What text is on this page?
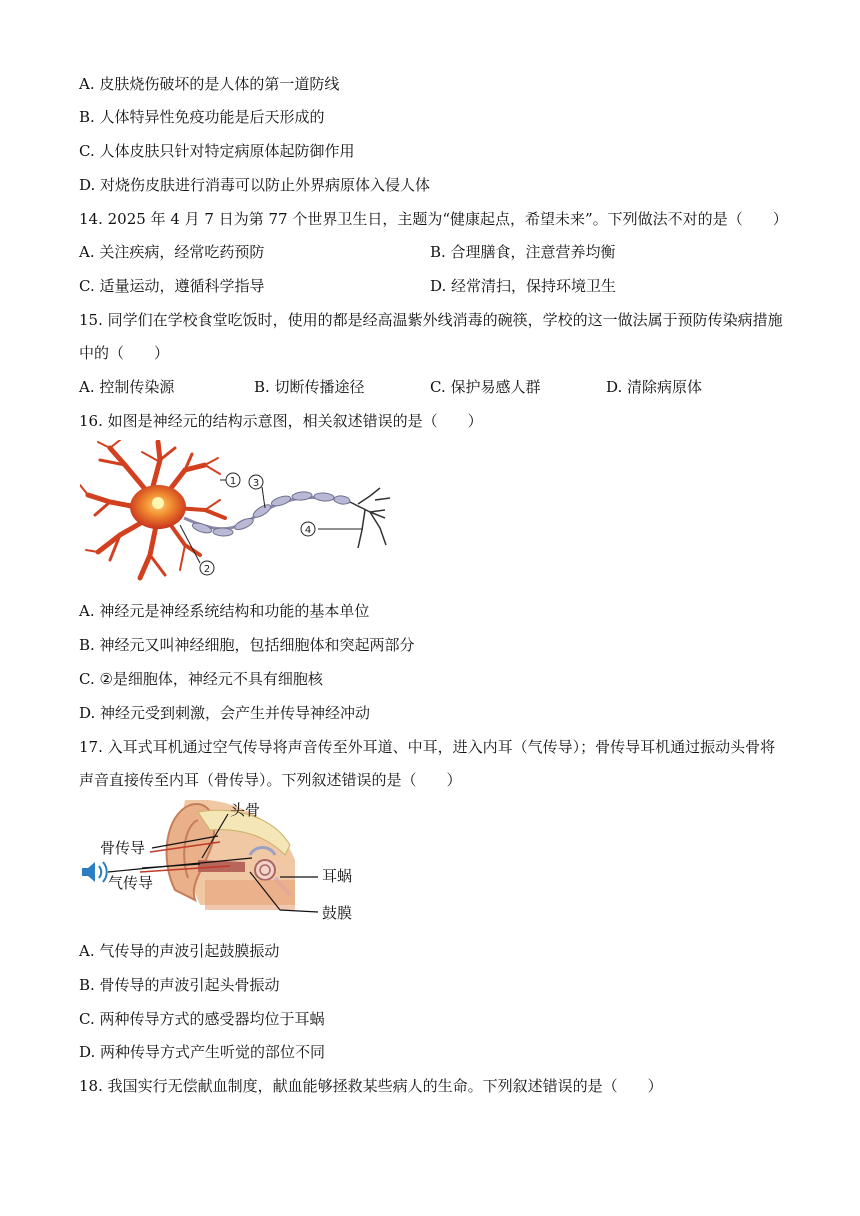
A. 皮肤烧伤破坏的是人体的第一道防线
B. 人体特异性免疫功能是后天形成的
C. 人体皮肤只针对特定病原体起防御作用
D. 对烧伤皮肤进行消毒可以防止外界病原体入侵人体
14. 2025 年 4 月 7 日为第 77 个世界卫生日，主题为“健康起点，希望未来”。下列做法不对的是（　　）
A. 关注疾病，经常吃药预防	B. 合理膳食，注意营养均衡
C. 适量运动，遵循科学指导	D. 经常清扫，保持环境卫生
15. 同学们在学校食堂吃饭时，使用的都是经高温紫外线消毒的碗筷，学校的这一做法属于预防传染病措施
中的（　　）
A. 控制传染源	B. 切断传播途径	C. 保护易感人群	D. 清除病原体
16. 如图是神经元的结构示意图，相关叙述错误的是（　　）
1
2
3
4
A. 神经元是神经系统结构和功能的基本单位
B. 神经元又叫神经细胞，包括细胞体和突起两部分
C. ②是细胞体，神经元不具有细胞核
D. 神经元受到刺激，会产生并传导神经冲动
17. 入耳式耳机通过空气传导将声音传至外耳道、中耳，进入内耳（气传导）；骨传导耳机通过振动头骨将
声音直接传至内耳（骨传导）。下列叙述错误的是（　　）
头骨
骨传导
气传导	耳蜗
鼓膜
A. 气传导的声波引起鼓膜振动
B. 骨传导的声波引起头骨振动
C. 两种传导方式的感受器均位于耳蜗
D. 两种传导方式产生听觉的部位不同
18. 我国实行无偿献血制度，献血能够拯救某些病人的生命。下列叙述错误的是（　　）
